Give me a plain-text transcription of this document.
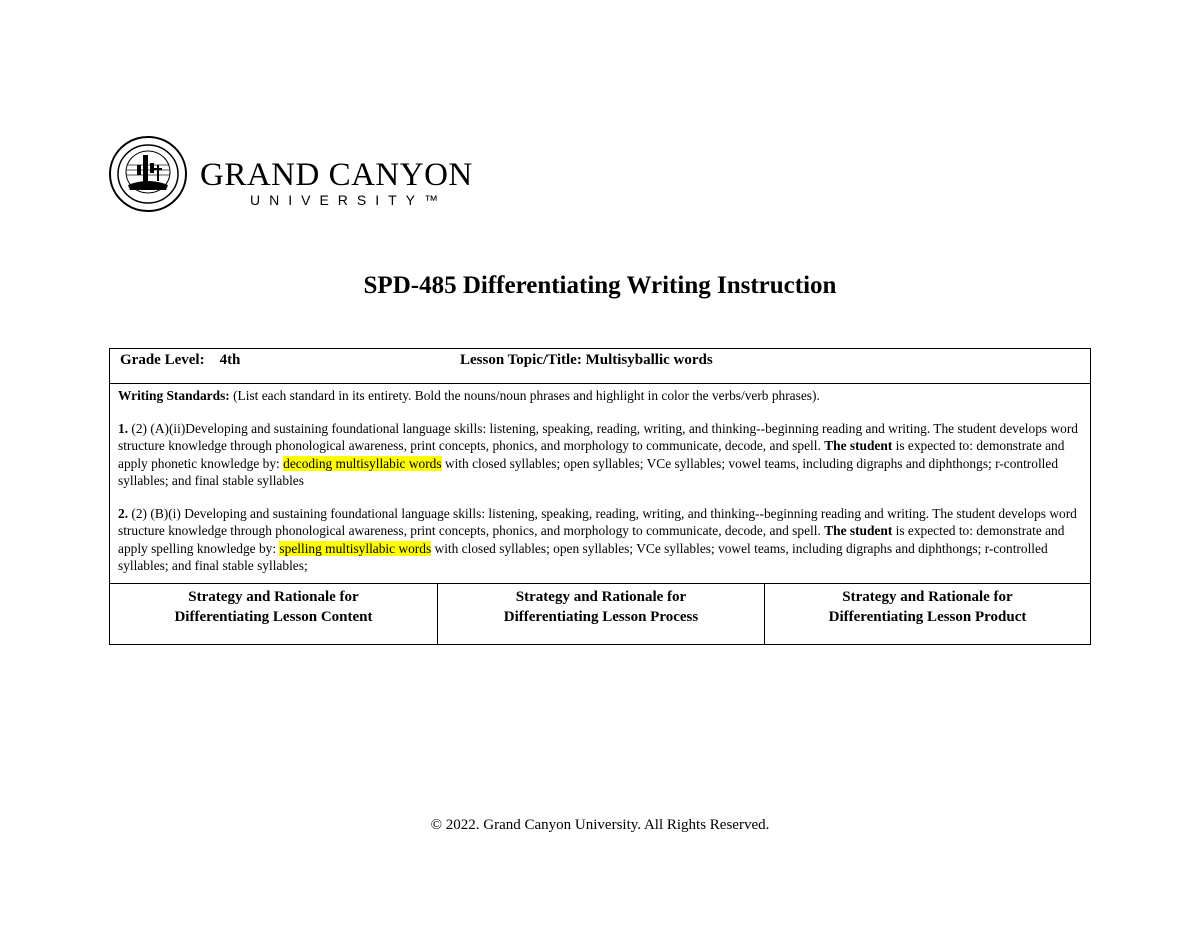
GRAND CANYON
UNIVERSITY™
SPD-485 Differentiating Writing Instruction
Grade Level: 4th	Lesson Topic/Title: Multisyballic words

Writing Standards: (List each standard in its entirety. Bold the nouns/noun phrases and highlight in color the verbs/verb phrases).

1. (2) (A)(ii)Developing and sustaining foundational language skills: listening, speaking, reading, writing, and thinking--beginning reading and writing. The student develops word structure knowledge through phonological awareness, print concepts, phonics, and morphology to communicate, decode, and spell. The student is expected to: demonstrate and apply phonetic knowledge by: decoding multisyllabic words with closed syllables; open syllables; VCe syllables; vowel teams, including digraphs and diphthongs; r-controlled syllables; and final stable syllables

2. (2) (B)(i) Developing and sustaining foundational language skills: listening, speaking, reading, writing, and thinking--beginning reading and writing. The student develops word structure knowledge through phonological awareness, print concepts, phonics, and morphology to communicate, decode, and spell. The student is expected to: demonstrate and apply spelling knowledge by: spelling multisyllabic words with closed syllables; open syllables; VCe syllables; vowel teams, including digraphs and diphthongs; r-controlled syllables; and final stable syllables;

Strategy and Rationale for
Differentiating Lesson Content	Strategy and Rationale for
Differentiating Lesson Process	Strategy and Rationale for
Differentiating Lesson Product
© 2022. Grand Canyon University. All Rights Reserved.
